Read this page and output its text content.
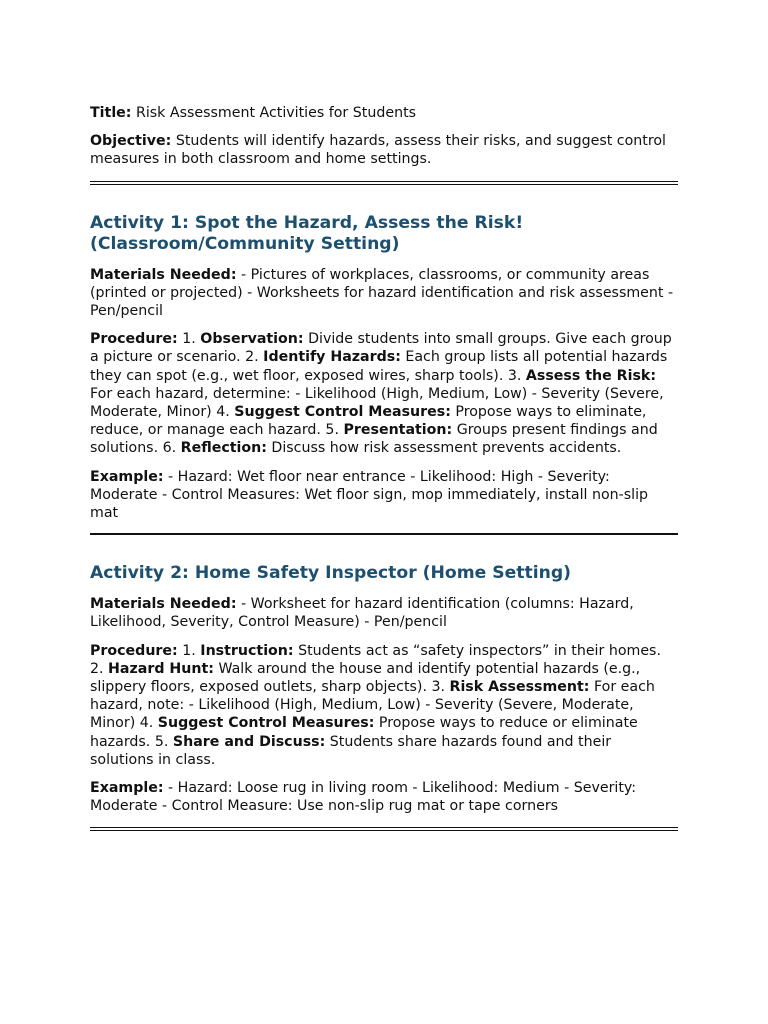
Title: Risk Assessment Activities for Students

Objective: Students will identify hazards, assess their risks, and suggest control measures in both classroom and home settings.

Activity 1: Spot the Hazard, Assess the Risk!
(Classroom/Community Setting)

Materials Needed: - Pictures of workplaces, classrooms, or community areas (printed or projected) - Worksheets for hazard identification and risk assessment - Pen/pencil

Procedure: 1. Observation: Divide students into small groups. Give each group a picture or scenario. 2. Identify Hazards: Each group lists all potential hazards they can spot (e.g., wet floor, exposed wires, sharp tools). 3. Assess the Risk: For each hazard, determine: - Likelihood (High, Medium, Low) - Severity (Severe, Moderate, Minor) 4. Suggest Control Measures: Propose ways to eliminate, reduce, or manage each hazard. 5. Presentation: Groups present findings and solutions. 6. Reflection: Discuss how risk assessment prevents accidents.

Example: - Hazard: Wet floor near entrance - Likelihood: High - Severity: Moderate - Control Measures: Wet floor sign, mop immediately, install non-slip mat

Activity 2: Home Safety Inspector (Home Setting)

Materials Needed: - Worksheet for hazard identification (columns: Hazard, Likelihood, Severity, Control Measure) - Pen/pencil

Procedure: 1. Instruction: Students act as “safety inspectors” in their homes. 2. Hazard Hunt: Walk around the house and identify potential hazards (e.g., slippery floors, exposed outlets, sharp objects). 3. Risk Assessment: For each hazard, note: - Likelihood (High, Medium, Low) - Severity (Severe, Moderate, Minor) 4. Suggest Control Measures: Propose ways to reduce or eliminate hazards. 5. Share and Discuss: Students share hazards found and their solutions in class.

Example: - Hazard: Loose rug in living room - Likelihood: Medium - Severity: Moderate - Control Measure: Use non-slip rug mat or tape corners
